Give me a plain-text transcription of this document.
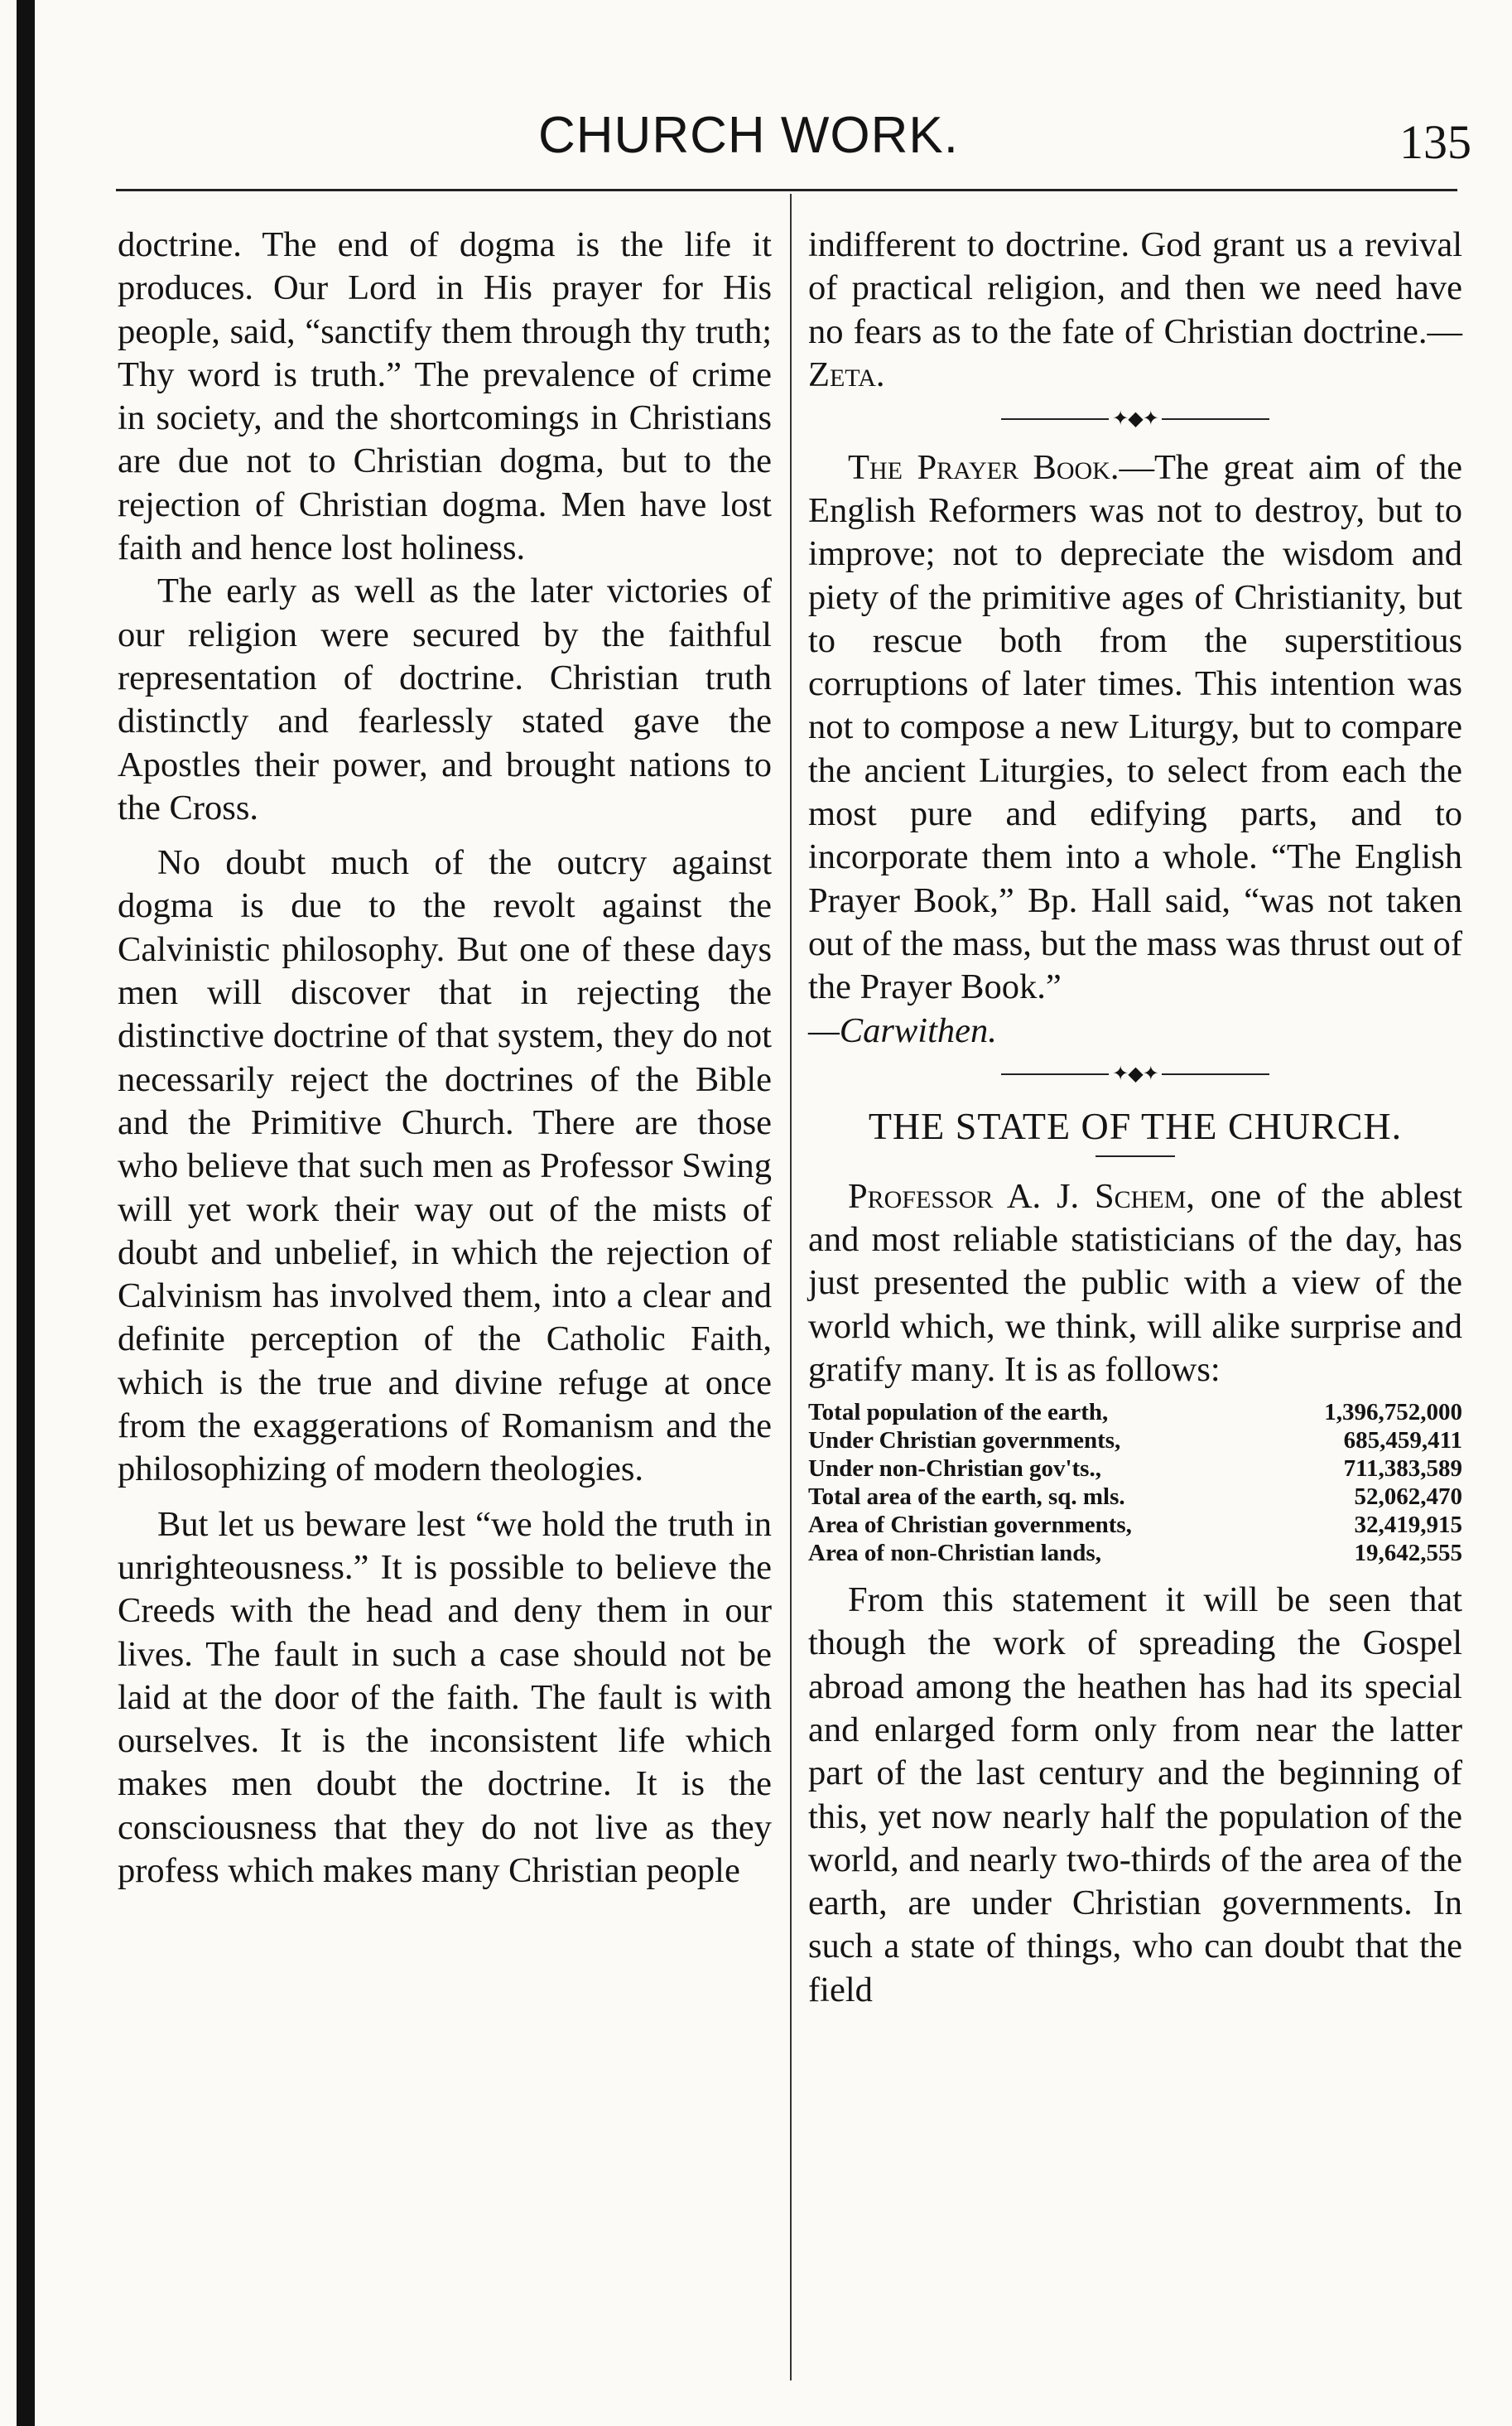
CHURCH WORK.	135

doctrine. The end of dogma is the life it produces. Our Lord in His prayer for His people, said, “sanctify them through thy truth; Thy word is truth.” The prevalence of crime in society, and the shortcomings in Christians are due not to Christian dogma, but to the rejection of Christian dogma. Men have lost faith and hence lost holiness.

The early as well as the later victories of our religion were secured by the faithful representation of doctrine. Christian truth distinctly and fearlessly stated gave the Apostles their power, and brought nations to the Cross.

No doubt much of the outcry against dogma is due to the revolt against the Calvinistic philosophy. But one of these days men will discover that in rejecting the distinctive doctrine of that system, they do not necessarily reject the doctrines of the Bible and the Primitive Church. There are those who believe that such men as Professor Swing will yet work their way out of the mists of doubt and unbelief, in which the rejection of Calvinism has involved them, into a clear and definite perception of the Catholic Faith, which is the true and divine refuge at once from the exaggerations of Romanism and the philosophizing of modern theologies.

But let us beware lest “we hold the truth in unrighteousness.” It is possible to believe the Creeds with the head and deny them in our lives. The fault in such a case should not be laid at the door of the faith. The fault is with ourselves. It is the inconsistent life which makes men doubt the doctrine. It is the consciousness that they do not live as they profess which makes many Christian people

indifferent to doctrine. God grant us a revival of practical religion, and then we need have no fears as to the fate of Christian doctrine.—Zeta.

✦◆✦

The Prayer Book.—The great aim of the English Reformers was not to destroy, but to improve; not to depreciate the wisdom and piety of the primitive ages of Christianity, but to rescue both from the superstitious corruptions of later times. This intention was not to compose a new Liturgy, but to compare the ancient Liturgies, to select from each the most pure and edifying parts, and to incorporate them into a whole. “The English Prayer Book,” Bp. Hall said, “was not taken out of the mass, but the mass was thrust out of the Prayer Book.”
—Carwithen.

✦◆✦
THE STATE OF THE CHURCH.

Professor A. J. Schem, one of the ablest and most reliable statisticians of the day, has just presented the public with a view of the world which, we think, will alike surprise and gratify many. It is as follows:

Total population of the earth,	1,396,752,000
Under Christian governments,	685,459,411
Under non-Christian gov'ts.,	711,383,589
Total area of the earth, sq. mls.	52,062,470
Area of Christian governments,	32,419,915
Area of non-Christian lands,	19,642,555

From this statement it will be seen that though the work of spreading the Gospel abroad among the heathen has had its special and enlarged form only from near the latter part of the last century and the beginning of this, yet now nearly half the population of the world, and nearly two-thirds of the area of the earth, are under Christian governments. In such a state of things, who can doubt that the field
